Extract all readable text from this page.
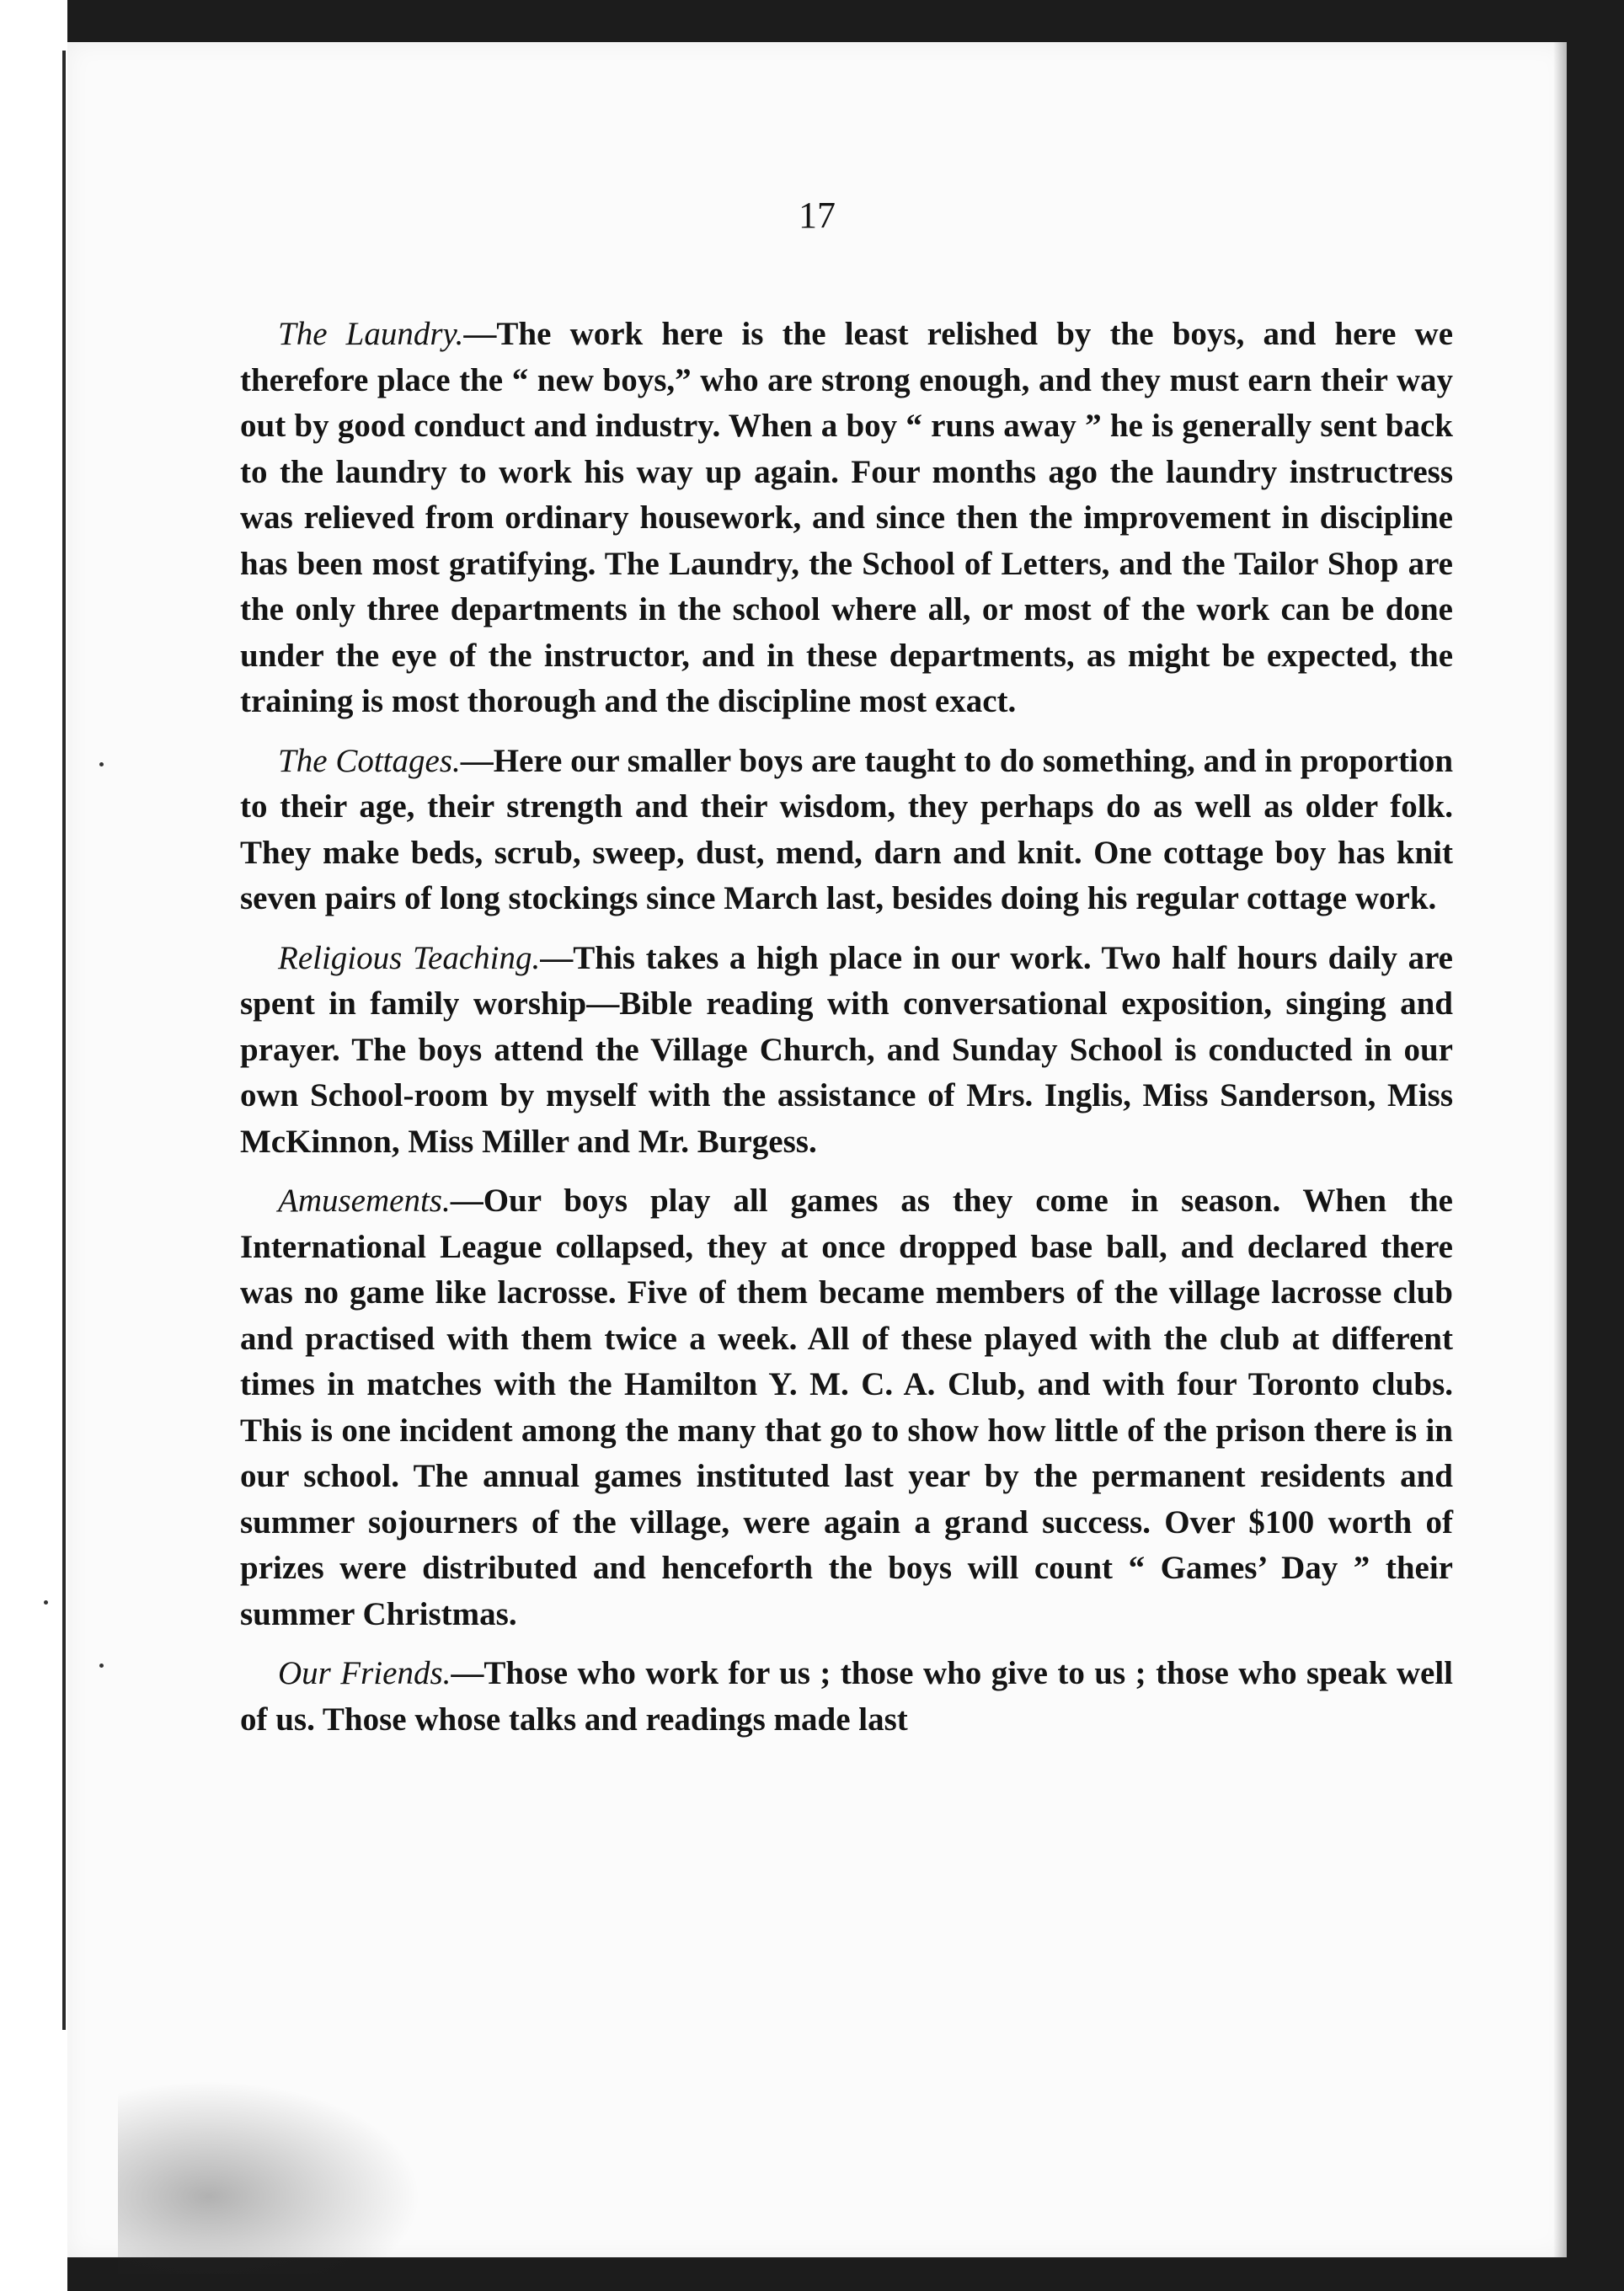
17

The Laundry.—The work here is the least relished by the boys, and here we therefore place the “ new boys,” who are strong enough, and they must earn their way out by good conduct and industry. When a boy “ runs away ” he is generally sent back to the laundry to work his way up again. Four months ago the laundry instructress was relieved from ordinary housework, and since then the improvement in discipline has been most gratifying. The Laundry, the School of Letters, and the Tailor Shop are the only three departments in the school where all, or most of the work can be done under the eye of the instructor, and in these departments, as might be expected, the training is most thorough and the discipline most exact.

The Cottages.—Here our smaller boys are taught to do something, and in proportion to their age, their strength and their wisdom, they perhaps do as well as older folk. They make beds, scrub, sweep, dust, mend, darn and knit. One cottage boy has knit seven pairs of long stockings since March last, besides doing his regular cottage work.

Religious Teaching.—This takes a high place in our work. Two half hours daily are spent in family worship—Bible reading with conversational exposition, singing and prayer. The boys attend the Village Church, and Sunday School is conducted in our own School-room by myself with the assistance of Mrs. Inglis, Miss Sanderson, Miss McKinnon, Miss Miller and Mr. Burgess.

Amusements.—Our boys play all games as they come in season. When the International League collapsed, they at once dropped base ball, and declared there was no game like lacrosse. Five of them became members of the village lacrosse club and practised with them twice a week. All of these played with the club at different times in matches with the Hamilton Y. M. C. A. Club, and with four Toronto clubs. This is one incident among the many that go to show how little of the prison there is in our school. The annual games instituted last year by the permanent residents and summer sojourners of the village, were again a grand success. Over $100 worth of prizes were distributed and henceforth the boys will count “ Games’ Day ” their summer Christmas.

Our Friends.—Those who work for us ; those who give to us ; those who speak well of us. Those whose talks and readings made last
